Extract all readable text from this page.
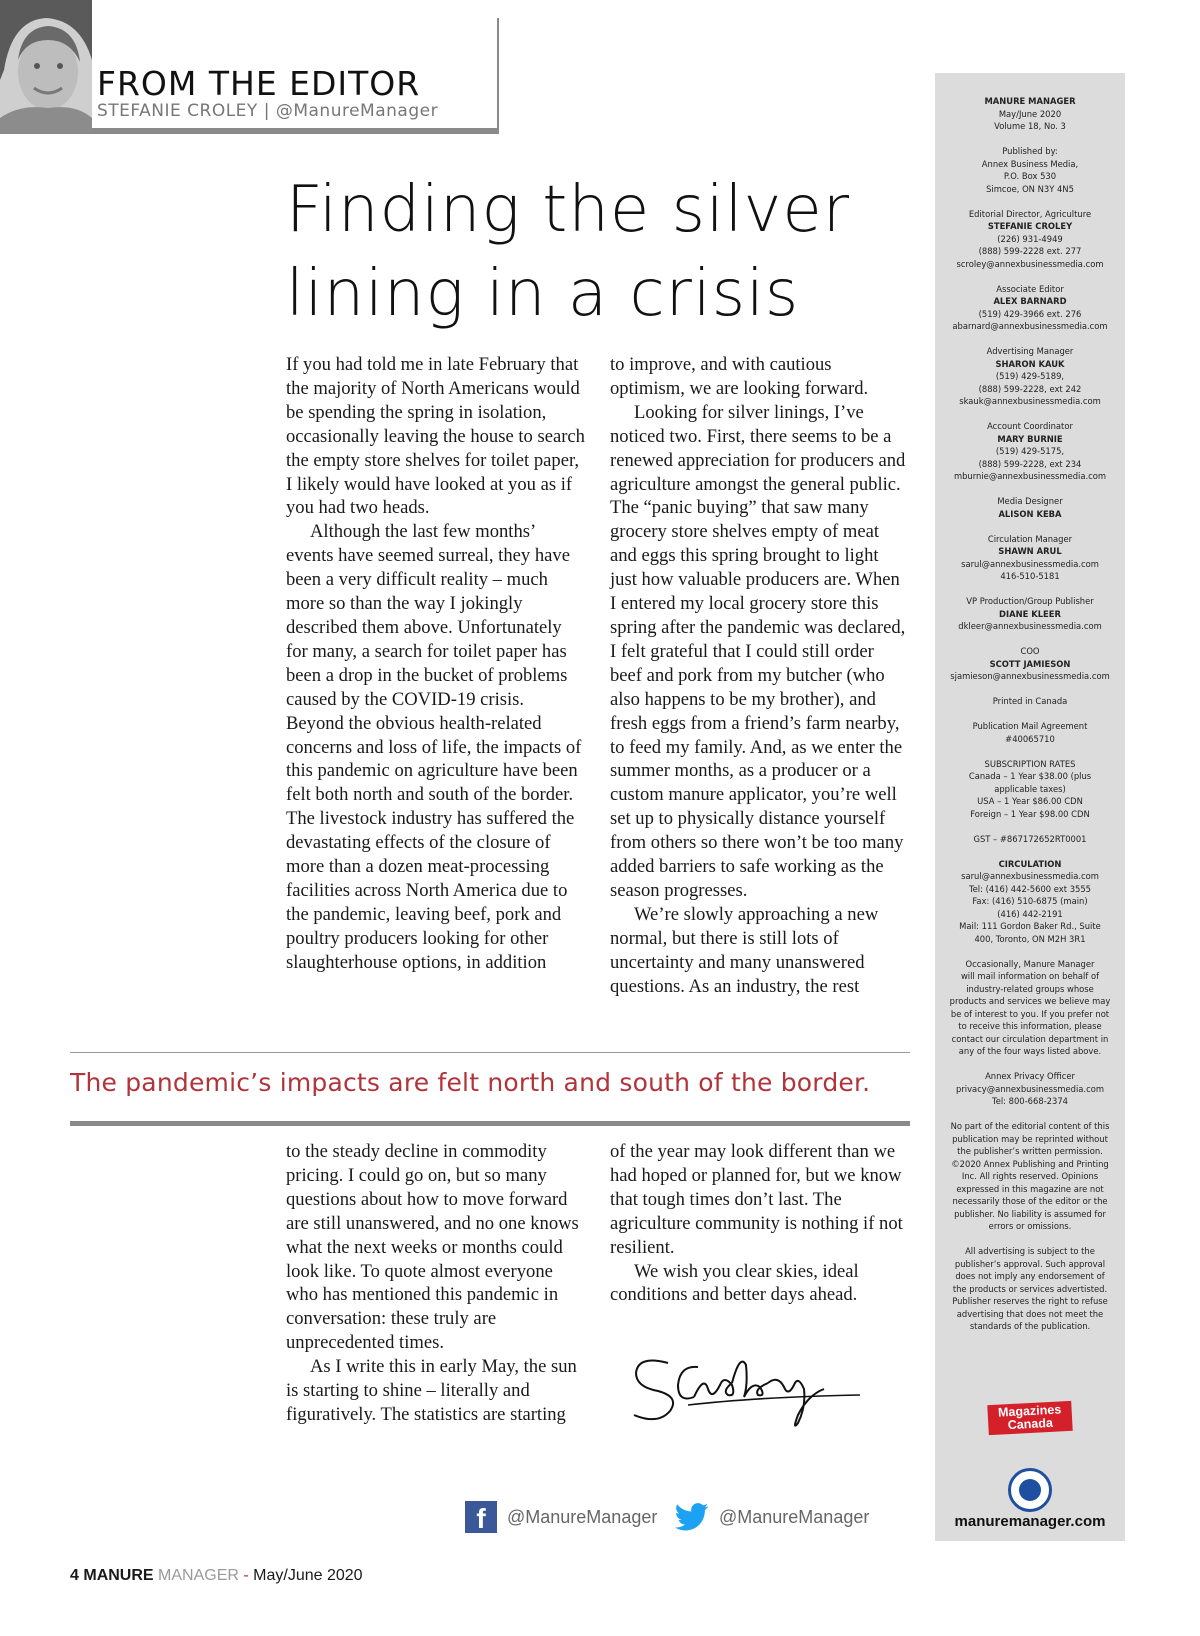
FROM THE EDITOR
STEFANIE CROLEY | @ManureManager
Finding the silver
lining in a crisis

If you had told me in late February that the majority of North Americans would be spending the spring in isolation, occasionally leaving the house to search the empty store shelves for toilet paper, I likely would have looked at you as if you had two heads.

Although the last few months’ events have seemed surreal, they have been a very difficult reality – much more so than the way I jokingly described them above. Unfortunately for many, a search for toilet paper has been a drop in the bucket of problems caused by the COVID-19 crisis. Beyond the obvious health-related concerns and loss of life, the impacts of this pandemic on agriculture have been felt both north and south of the border. The livestock industry has suffered the devastating effects of the closure of more than a dozen meat-processing facilities across North America due to the pandemic, leaving beef, pork and poultry producers looking for other slaughterhouse options, in addition

to improve, and with cautious optimism, we are looking forward.

Looking for silver linings, I’ve noticed two. First, there seems to be a renewed appreciation for producers and agriculture amongst the general public. The “panic buying” that saw many grocery store shelves empty of meat and eggs this spring brought to light just how valuable producers are. When I entered my local grocery store this spring after the pandemic was declared, I felt grateful that I could still order beef and pork from my butcher (who also happens to be my brother), and fresh eggs from a friend’s farm nearby, to feed my family. And, as we enter the summer months, as a producer or a custom manure applicator, you’re well set up to physically distance yourself from others so there won’t be too many added barriers to safe working as the season progresses.

We’re slowly approaching a new normal, but there is still lots of uncertainty and many unanswered questions. As an industry, the rest

The pandemic’s impacts are felt north and south of the border.

to the steady decline in commodity pricing. I could go on, but so many questions about how to move forward are still unanswered, and no one knows what the next weeks or months could look like. To quote almost everyone who has mentioned this pandemic in conversation: these truly are unprecedented times.

As I write this in early May, the sun is starting to shine – literally and figuratively. The statistics are starting

of the year may look different than we had hoped or planned for, but we know that tough times don’t last. The agriculture community is nothing if not resilient.

We wish you clear skies, ideal conditions and better days ahead.

f	@ManureManager	@ManureManager
4 MANURE MANAGER - May/June 2020
MANURE MANAGER
May/June 2020
Volume 18, No. 3
Published by:
Annex Business Media,
P.O. Box 530
Simcoe, ON N3Y 4N5
Editorial Director, Agriculture
STEFANIE CROLEY
(226) 931-4949
(888) 599-2228 ext. 277
scroley@annexbusinessmedia.com
Associate Editor
ALEX BARNARD
(519) 429-3966 ext. 276
abarnard@annexbusinessmedia.com
Advertising Manager
SHARON KAUK
(519) 429-5189,
(888) 599-2228, ext 242
skauk@annexbusinessmedia.com
Account Coordinator
MARY BURNIE
(519) 429-5175,
(888) 599-2228, ext 234
mburnie@annexbusinessmedia.com
Media Designer
ALISON KEBA
Circulation Manager
SHAWN ARUL
sarul@annexbusinessmedia.com
416-510-5181
VP Production/Group Publisher
DIANE KLEER
dkleer@annexbusinessmedia.com
COO
SCOTT JAMIESON
sjamieson@annexbusinessmedia.com
Printed in Canada
Publication Mail Agreement
#40065710
SUBSCRIPTION RATES
Canada – 1 Year $38.00 (plus
applicable taxes)
USA – 1 Year $86.00 CDN
Foreign – 1 Year $98.00 CDN
GST – #867172652RT0001
CIRCULATION
sarul@annexbusinessmedia.com
Tel: (416) 442-5600 ext 3555
Fax: (416) 510-6875 (main)
(416) 442-2191
Mail: 111 Gordon Baker Rd., Suite
400, Toronto, ON M2H 3R1
Occasionally, Manure Manager
will mail information on behalf of
industry-related groups whose
products and services we believe may
be of interest to you. If you prefer not
to receive this information, please
contact our circulation department in
any of the four ways listed above.
Annex Privacy Officer
privacy@annexbusinessmedia.com
Tel: 800-668-2374
No part of the editorial content of this
publication may be reprinted without
the publisher’s written permission.
©2020 Annex Publishing and Printing
Inc. All rights reserved. Opinions
expressed in this magazine are not
necessarily those of the editor or the
publisher. No liability is assumed for
errors or omissions.
All advertising is subject to the
publisher’s approval. Such approval
does not imply any endorsement of
the products or services advertisted.
Publisher reserves the right to refuse
advertising that does not meet the
standards of the publication.
Magazines
Canada
manuremanager.com
